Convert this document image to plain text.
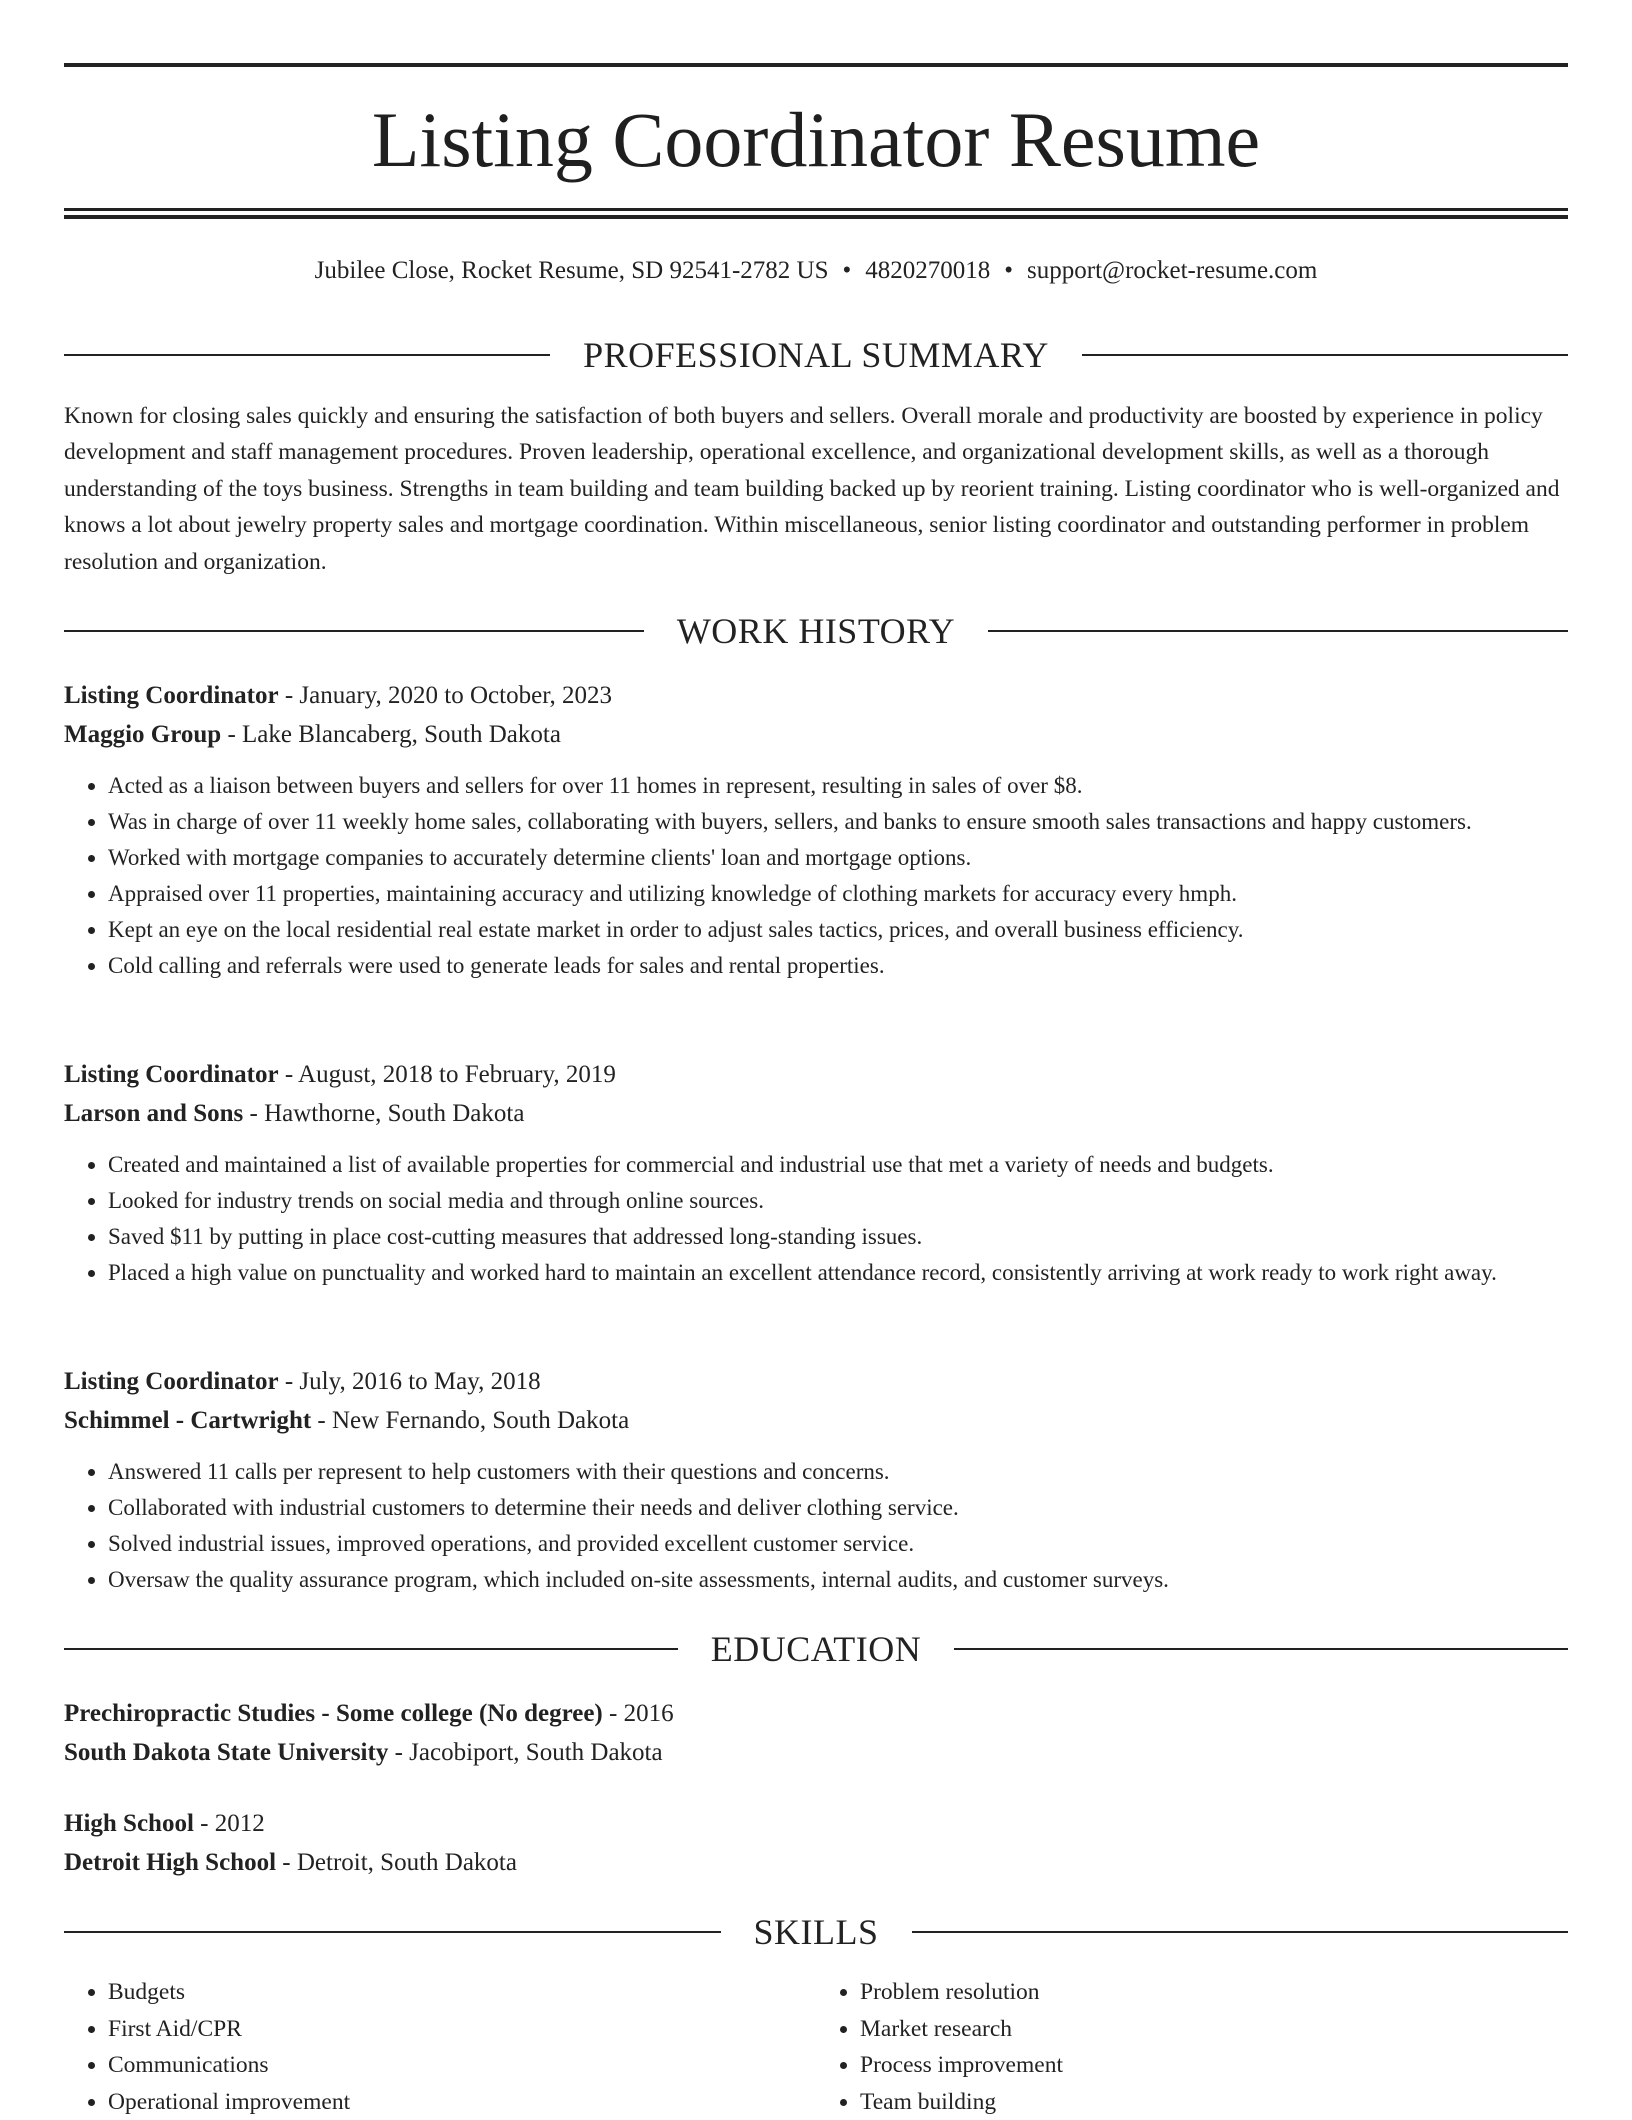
Listing Coordinator Resume
Jubilee Close, Rocket Resume, SD 92541-2782 US • 4820270018 • support@rocket-resume.com
PROFESSIONAL SUMMARY

Known for closing sales quickly and ensuring the satisfaction of both buyers and sellers. Overall morale and productivity are boosted by experience in policy development and staff management procedures. Proven leadership, operational excellence, and organizational development skills, as well as a thorough understanding of the toys business. Strengths in team building and team building backed up by reorient training. Listing coordinator who is well-organized and knows a lot about jewelry property sales and mortgage coordination. Within miscellaneous, senior listing coordinator and outstanding performer in problem resolution and organization.

WORK HISTORY
Listing Coordinator - January, 2020 to October, 2023
Maggio Group - Lake Blancaberg, South Dakota
• Acted as a liaison between buyers and sellers for over 11 homes in represent, resulting in sales of over $8.
• Was in charge of over 11 weekly home sales, collaborating with buyers, sellers, and banks to ensure smooth sales transactions and happy customers.
• Worked with mortgage companies to accurately determine clients' loan and mortgage options.
• Appraised over 11 properties, maintaining accuracy and utilizing knowledge of clothing markets for accuracy every hmph.
• Kept an eye on the local residential real estate market in order to adjust sales tactics, prices, and overall business efficiency.
• Cold calling and referrals were used to generate leads for sales and rental properties.
Listing Coordinator - August, 2018 to February, 2019
Larson and Sons - Hawthorne, South Dakota
• Created and maintained a list of available properties for commercial and industrial use that met a variety of needs and budgets.
• Looked for industry trends on social media and through online sources.
• Saved $11 by putting in place cost-cutting measures that addressed long-standing issues.
• Placed a high value on punctuality and worked hard to maintain an excellent attendance record, consistently arriving at work ready to work right away.
Listing Coordinator - July, 2016 to May, 2018
Schimmel - Cartwright - New Fernando, South Dakota
• Answered 11 calls per represent to help customers with their questions and concerns.
• Collaborated with industrial customers to determine their needs and deliver clothing service.
• Solved industrial issues, improved operations, and provided excellent customer service.
• Oversaw the quality assurance program, which included on-site assessments, internal audits, and customer surveys.
EDUCATION
Prechiropractic Studies - Some college (No degree) - 2016
South Dakota State University - Jacobiport, South Dakota
High School - 2012
Detroit High School - Detroit, South Dakota
SKILLS
• Budgets
• First Aid/CPR
• Communications
• Operational improvement
• Problem resolution
• Market research
• Process improvement
• Team building
